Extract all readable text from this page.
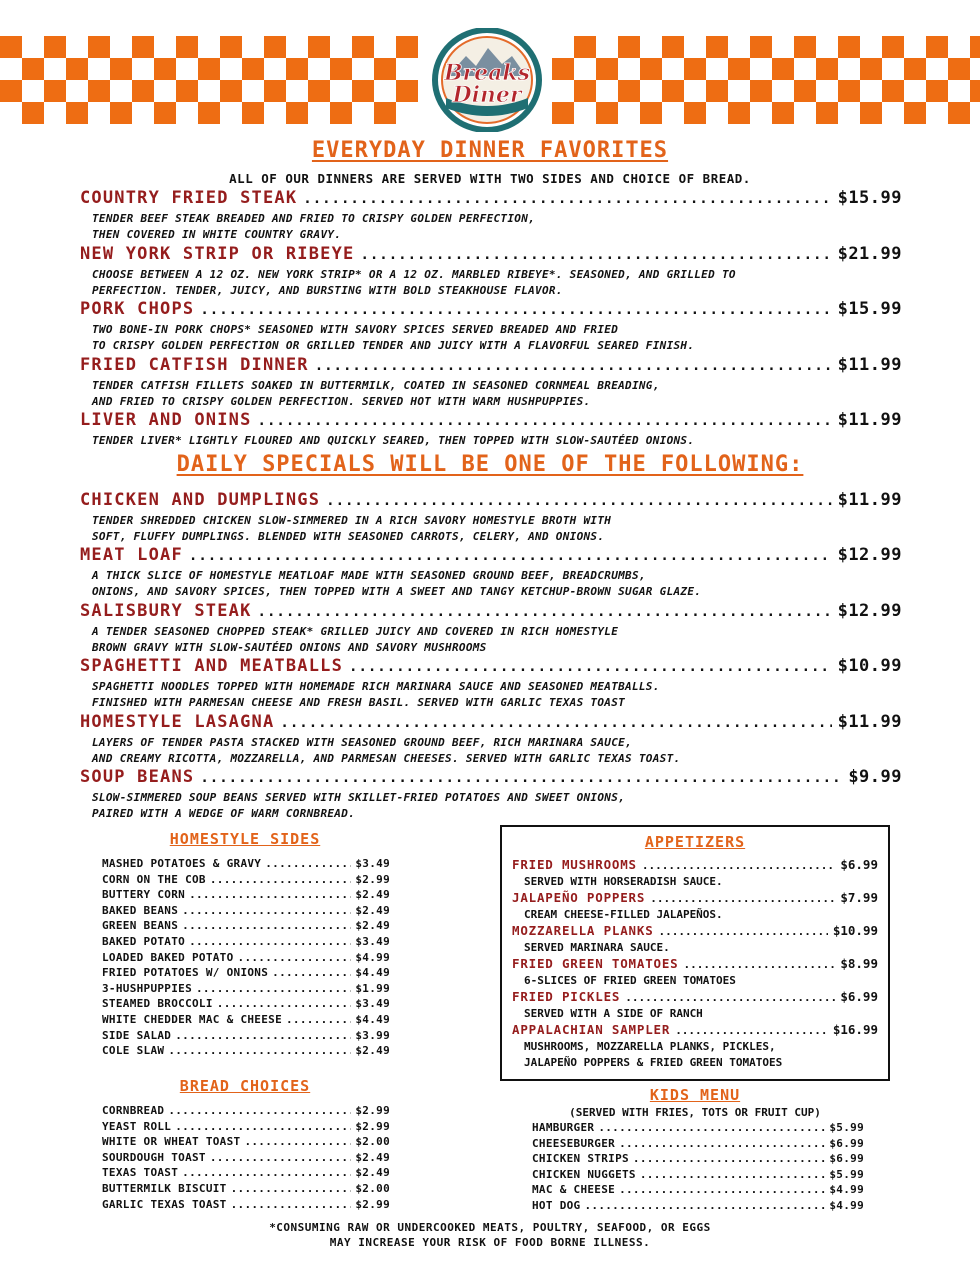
Breaks
Diner
EVERYDAY DINNER FAVORITES
ALL OF OUR DINNERS ARE SERVED WITH TWO SIDES AND CHOICE OF BREAD.
COUNTRY FRIED STEAK .....	$15.99
TENDER BEEF STEAK BREADED AND FRIED TO CRISPY GOLDEN PERFECTION,
THEN COVERED IN WHITE COUNTRY GRAVY.
NEW YORK STRIP OR RIBEYE .....	$21.99
CHOOSE BETWEEN A 12 OZ. NEW YORK STRIP* OR A 12 OZ. MARBLED RIBEYE*. SEASONED, AND GRILLED TO
PERFECTION. TENDER, JUICY, AND BURSTING WITH BOLD STEAKHOUSE FLAVOR.
PORK CHOPS .....	$15.99
TWO BONE-IN PORK CHOPS* SEASONED WITH SAVORY SPICES SERVED BREADED AND FRIED
TO CRISPY GOLDEN PERFECTION OR GRILLED TENDER AND JUICY WITH A FLAVORFUL SEARED FINISH.
FRIED CATFISH DINNER .....	$11.99
TENDER CATFISH FILLETS SOAKED IN BUTTERMILK, COATED IN SEASONED CORNMEAL BREADING,
AND FRIED TO CRISPY GOLDEN PERFECTION. SERVED HOT WITH WARM HUSHPUPPIES.
LIVER AND ONINS .....	$11.99
TENDER LIVER* LIGHTLY FLOURED AND QUICKLY SEARED, THEN TOPPED WITH SLOW-SAUTÉED ONIONS.
DAILY SPECIALS WILL BE ONE OF THE FOLLOWING:
CHICKEN AND DUMPLINGS .....	$11.99
TENDER SHREDDED CHICKEN SLOW-SIMMERED IN A RICH SAVORY HOMESTYLE BROTH WITH
SOFT, FLUFFY DUMPLINGS. BLENDED WITH SEASONED CARROTS, CELERY, AND ONIONS.
MEAT LOAF .....	$12.99
A THICK SLICE OF HOMESTYLE MEATLOAF MADE WITH SEASONED GROUND BEEF, BREADCRUMBS,
ONIONS, AND SAVORY SPICES, THEN TOPPED WITH A SWEET AND TANGY KETCHUP-BROWN SUGAR GLAZE.
SALISBURY STEAK .....	$12.99
A TENDER SEASONED CHOPPED STEAK* GRILLED JUICY AND COVERED IN RICH HOMESTYLE
BROWN GRAVY WITH SLOW-SAUTÉED ONIONS AND SAVORY MUSHROOMS
SPAGHETTI AND MEATBALLS .....	$10.99
SPAGHETTI NOODLES TOPPED WITH HOMEMADE RICH MARINARA SAUCE AND SEASONED MEATBALLS.
FINISHED WITH PARMESAN CHEESE AND FRESH BASIL. SERVED WITH GARLIC TEXAS TOAST
HOMESTYLE LASAGNA .....	$11.99
LAYERS OF TENDER PASTA STACKED WITH SEASONED GROUND BEEF, RICH MARINARA SAUCE,
AND CREAMY RICOTTA, MOZZARELLA, AND PARMESAN CHEESES. SERVED WITH GARLIC TEXAS TOAST.
SOUP BEANS .....	$9.99
SLOW-SIMMERED SOUP BEANS SERVED WITH SKILLET-FRIED POTATOES AND SWEET ONIONS,
PAIRED WITH A WEDGE OF WARM CORNBREAD.
HOMESTYLE SIDES
MASHED POTATOES & GRAVY .....	$3.49
CORN ON THE COB .....	$2.99
BUTTERY CORN .....	$2.49
BAKED BEANS .....	$2.49
GREEN BEANS .....	$2.49
BAKED POTATO .....	$3.49
LOADED BAKED POTATO .....	$4.99
FRIED POTATOES W/ ONIONS .....	$4.49
3-HUSHPUPPIES .....	$1.99
STEAMED BROCCOLI .....	$3.49
WHITE CHEDDER MAC & CHEESE .....	$4.49
SIDE SALAD .....	$3.99
COLE SLAW .....	$2.49
BREAD CHOICES
CORNBREAD .....	$2.99
YEAST ROLL .....	$2.99
WHITE OR WHEAT TOAST .....	$2.00
SOURDOUGH TOAST .....	$2.49
TEXAS TOAST .....	$2.49
BUTTERMILK BISCUIT .....	$2.00
GARLIC TEXAS TOAST .....	$2.99
APPETIZERS
FRIED MUSHROOMS .....	$6.99
SERVED WITH HORSERADISH SAUCE.
JALAPEÑO POPPERS .....	$7.99
CREAM CHEESE-FILLED JALAPEÑOS.
MOZZARELLA PLANKS .....	$10.99
SERVED MARINARA SAUCE.
FRIED GREEN TOMATOES .....	$8.99
6-SLICES OF FRIED GREEN TOMATOES
FRIED PICKLES .....	$6.99
SERVED WITH A SIDE OF RANCH
APPALACHIAN SAMPLER .....	$16.99
MUSHROOMS, MOZZARELLA PLANKS, PICKLES,
JALAPEÑO POPPERS & FRIED GREEN TOMATOES
KIDS MENU
(SERVED WITH FRIES, TOTS OR FRUIT CUP)
HAMBURGER .....	$5.99
CHEESEBURGER .....	$6.99
CHICKEN STRIPS .....	$6.99
CHICKEN NUGGETS .....	$5.99
MAC & CHEESE .....	$4.99
HOT DOG .....	$4.99
*CONSUMING RAW OR UNDERCOOKED MEATS, POULTRY, SEAFOOD, OR EGGS
MAY INCREASE YOUR RISK OF FOOD BORNE ILLNESS.
